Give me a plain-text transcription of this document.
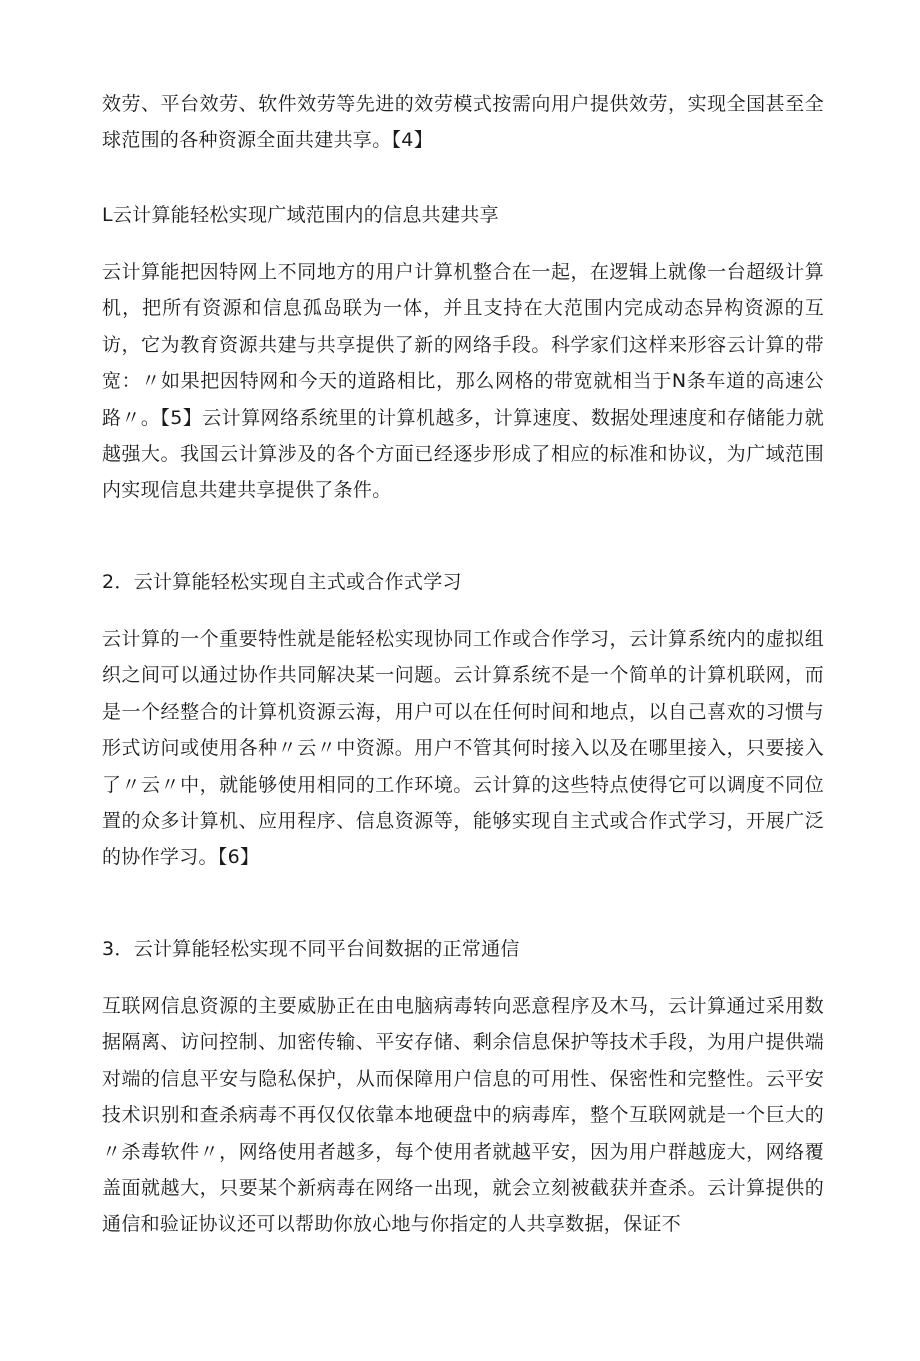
效劳、平台效劳、软件效劳等先进的效劳模式按需向用户提供效劳，实现全国甚至全球范围的各种资源全面共建共享。【4】

L云计算能轻松实现广域范围内的信息共建共享

云计算能把因特网上不同地方的用户计算机整合在一起，在逻辑上就像一台超级计算机，把所有资源和信息孤岛联为一体，并且支持在大范围内完成动态异构资源的互访，它为教育资源共建与共享提供了新的网络手段。科学家们这样来形容云计算的带宽：〃如果把因特网和今天的道路相比，那么网格的带宽就相当于N条车道的高速公路〃。【5】云计算网络系统里的计算机越多，计算速度、数据处理速度和存储能力就越强大。我国云计算涉及的各个方面已经逐步形成了相应的标准和协议，为广域范围内实现信息共建共享提供了条件。

2．云计算能轻松实现自主式或合作式学习

云计算的一个重要特性就是能轻松实现协同工作或合作学习，云计算系统内的虚拟组织之间可以通过协作共同解决某一问题。云计算系统不是一个简单的计算机联网，而是一个经整合的计算机资源云海，用户可以在任何时间和地点，以自己喜欢的习惯与形式访问或使用各种〃云〃中资源。用户不管其何时接入以及在哪里接入，只要接入了〃云〃中，就能够使用相同的工作环境。云计算的这些特点使得它可以调度不同位置的众多计算机、应用程序、信息资源等，能够实现自主式或合作式学习，开展广泛的协作学习。【6】

3．云计算能轻松实现不同平台间数据的正常通信

互联网信息资源的主要威胁正在由电脑病毒转向恶意程序及木马，云计算通过采用数据隔离、访问控制、加密传输、平安存储、剩余信息保护等技术手段，为用户提供端对端的信息平安与隐私保护，从而保障用户信息的可用性、保密性和完整性。云平安技术识别和查杀病毒不再仅仅依靠本地硬盘中的病毒库，整个互联网就是一个巨大的〃杀毒软件〃，网络使用者越多，每个使用者就越平安，因为用户群越庞大，网络覆盖面就越大，只要某个新病毒在网络一出现，就会立刻被截获并查杀。云计算提供的通信和验证协议还可以帮助你放心地与你指定的人共享数据，保证不
